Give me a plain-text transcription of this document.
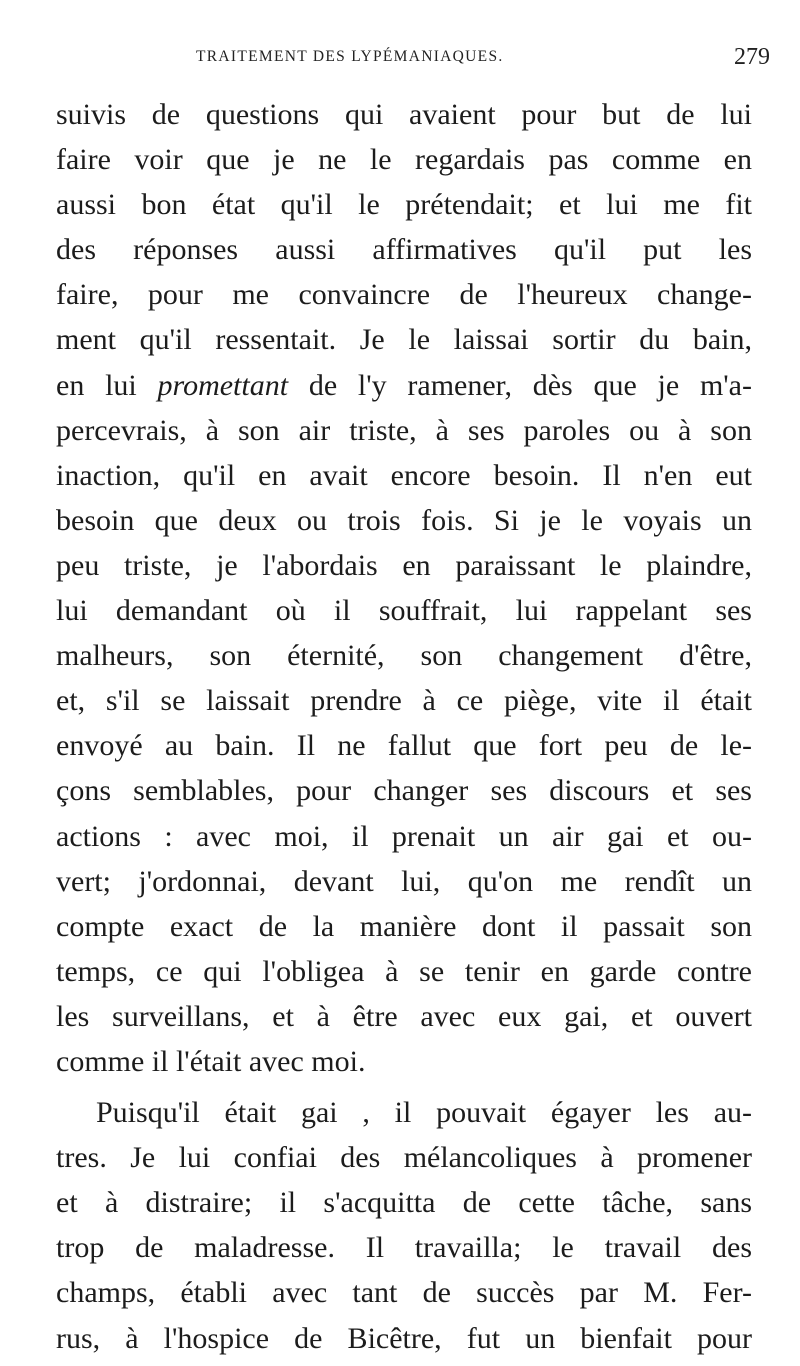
TRAITEMENT DES LYPÉMANIAQUES.	279
suivis de questions qui avaient pour but de lui
faire voir que je ne le regardais pas comme en
aussi bon état qu'il le prétendait; et lui me fit
des réponses aussi affirmatives qu'il put les
faire, pour me convaincre de l'heureux change-
ment qu'il ressentait. Je le laissai sortir du bain,
en lui promettant de l'y ramener, dès que je m'a-
percevrais, à son air triste, à ses paroles ou à son
inaction, qu'il en avait encore besoin. Il n'en eut
besoin que deux ou trois fois. Si je le voyais un
peu triste, je l'abordais en paraissant le plaindre,
lui demandant où il souffrait, lui rappelant ses
malheurs, son éternité, son changement d'être,
et, s'il se laissait prendre à ce piège, vite il était
envoyé au bain. Il ne fallut que fort peu de le-
çons semblables, pour changer ses discours et ses
actions : avec moi, il prenait un air gai et ou-
vert; j'ordonnai, devant lui, qu'on me rendît un
compte exact de la manière dont il passait son
temps, ce qui l'obligea à se tenir en garde contre
les surveillans, et à être avec eux gai, et ouvert
comme il l'était avec moi.
Puisqu'il était gai , il pouvait égayer les au-
tres. Je lui confiai des mélancoliques à promener
et à distraire; il s'acquitta de cette tâche, sans
trop de maladresse. Il travailla; le travail des
champs, établi avec tant de succès par M. Fer-
rus, à l'hospice de Bicêtre, fut un bienfait pour
